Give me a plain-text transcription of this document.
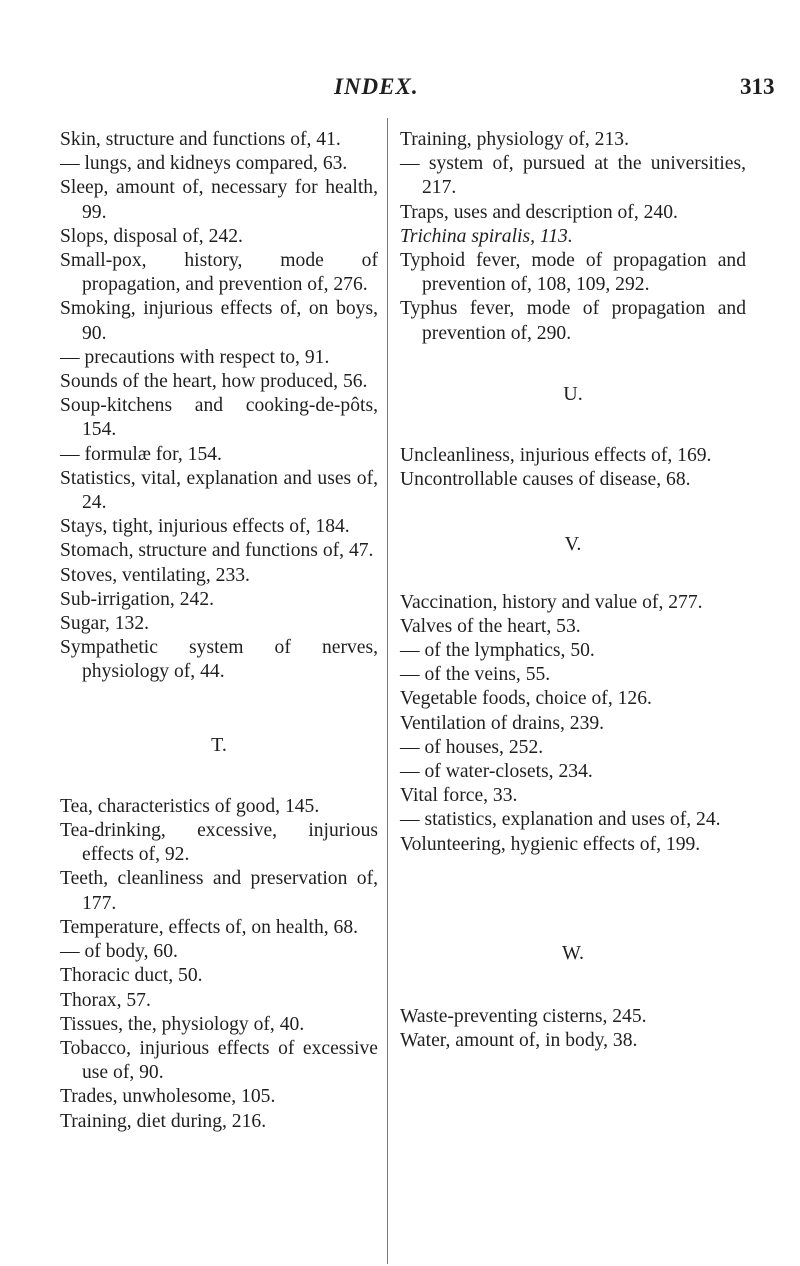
INDEX.	313

Skin, structure and functions of, 41.

— lungs, and kidneys compared, 63.

Sleep, amount of, necessary for health, 99.

Slops, disposal of, 242.

Small-pox, history, mode of propagation, and prevention of, 276.

Smoking, injurious effects of, on boys, 90.

— precautions with respect to, 91.

Sounds of the heart, how produced, 56.

Soup-kitchens and cooking-de-pôts, 154.

— formulæ for, 154.

Statistics, vital, explanation and uses of, 24.

Stays, tight, injurious effects of, 184.

Stomach, structure and functions of, 47.

Stoves, ventilating, 233.

Sub-irrigation, 242.

Sugar, 132.

Sympathetic system of nerves, physiology of, 44.

T.

Tea, characteristics of good, 145.

Tea-drinking, excessive, injurious effects of, 92.

Teeth, cleanliness and preservation of, 177.

Temperature, effects of, on health, 68.

— of body, 60.

Thoracic duct, 50.

Thorax, 57.

Tissues, the, physiology of, 40.

Tobacco, injurious effects of excessive use of, 90.

Trades, unwholesome, 105.

Training, diet during, 216.

Training, physiology of, 213.

— system of, pursued at the universities, 217.

Traps, uses and description of, 240.

Trichina spiralis, 113.

Typhoid fever, mode of propagation and prevention of, 108, 109, 292.

Typhus fever, mode of propagation and prevention of, 290.

U.

Uncleanliness, injurious effects of, 169.

Uncontrollable causes of disease, 68.

V.

Vaccination, history and value of, 277.

Valves of the heart, 53.

— of the lymphatics, 50.

— of the veins, 55.

Vegetable foods, choice of, 126.

Ventilation of drains, 239.

— of houses, 252.

— of water-closets, 234.

Vital force, 33.

— statistics, explanation and uses of, 24.

Volunteering, hygienic effects of, 199.

W.

Waste-preventing cisterns, 245.

Water, amount of, in body, 38.
